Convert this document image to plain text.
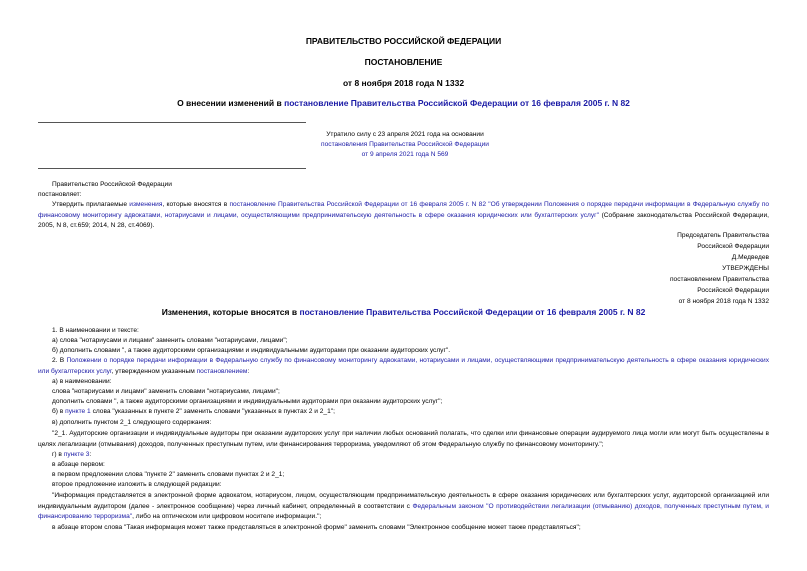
ПРАВИТЕЛЬСТВО РОССИЙСКОЙ ФЕДЕРАЦИИ
ПОСТАНОВЛЕНИЕ
от 8 ноября 2018 года N 1332
О внесении изменений в постановление Правительства Российской Федерации от 16 февраля 2005 г. N 82
Утратило силу с 23 апреля 2021 года на основании
постановления Правительства Российской Федерации
от 9 апреля 2021 года N 569
Правительство Российской Федерации
постановляет:
Утвердить прилагаемые изменения, которые вносятся в постановление Правительства Российской Федерации от 16 февраля 2005 г. N 82 "Об утверждении Положения о порядке передачи информации в Федеральную службу по финансовому мониторингу адвокатами, нотариусами и лицами, осуществляющими предпринимательскую деятельность в сфере оказания юридических или бухгалтерских услуг" (Собрание законодательства Российской Федерации, 2005, N 8, ст.659; 2014, N 28, ст.4069).
Председатель Правительства
Российской Федерации
Д.Медведев
УТВЕРЖДЕНЫ
постановлением Правительства
Российской Федерации
от 8 ноября 2018 года N 1332
Изменения, которые вносятся в постановление Правительства Российской Федерации от 16 февраля 2005 г. N 82
1. В наименовании и тексте:
а) слова "нотариусами и лицами" заменить словами "нотариусами, лицами";
б) дополнить словами ", а также аудиторскими организациями и индивидуальными аудиторами при оказании аудиторских услуг".
2. В Положении о порядке передачи информации в Федеральную службу по финансовому мониторингу адвокатами, нотариусами и лицами, осуществляющими предпринимательскую деятельность в сфере оказания юридических или бухгалтерских услуг, утвержденном указанным постановлением:
а) в наименовании:
слова "нотариусами и лицами" заменить словами "нотариусами, лицами";
дополнить словами ", а также аудиторскими организациями и индивидуальными аудиторами при оказании аудиторских услуг";
б) в пункте 1 слова "указанных в пункте 2" заменить словами "указанных в пунктах 2 и 2_1";
в) дополнить пунктом 2_1 следующего содержания:
"2_1. Аудиторские организации и индивидуальные аудиторы при оказании аудиторских услуг при наличии любых оснований полагать, что сделки или финансовые операции аудируемого лица могли или могут быть осуществлены в целях легализации (отмывания) доходов, полученных преступным путем, или финансирования терроризма, уведомляют об этом Федеральную службу по финансовому мониторингу.";
г) в пункте 3:
в абзаце первом:
в первом предложении слова "пункте 2" заменить словами пунктах 2 и 2_1;
второе предложение изложить в следующей редакции:
"Информация представляется в электронной форме адвокатом, нотариусом, лицом, осуществляющим предпринимательскую деятельность в сфере оказания юридических или бухгалтерских услуг, аудиторской организацией или индивидуальным аудитором (далее - электронное сообщение) через личный кабинет, определенный в соответствии с Федеральным законом "О противодействии легализации (отмыванию) доходов, полученных преступным путем, и финансированию терроризма", либо на оптическом или цифровом носителе информации.";
в абзаце втором слова "Такая информация может также представляться в электронной форме" заменить словами "Электронное сообщение может также представляться";
